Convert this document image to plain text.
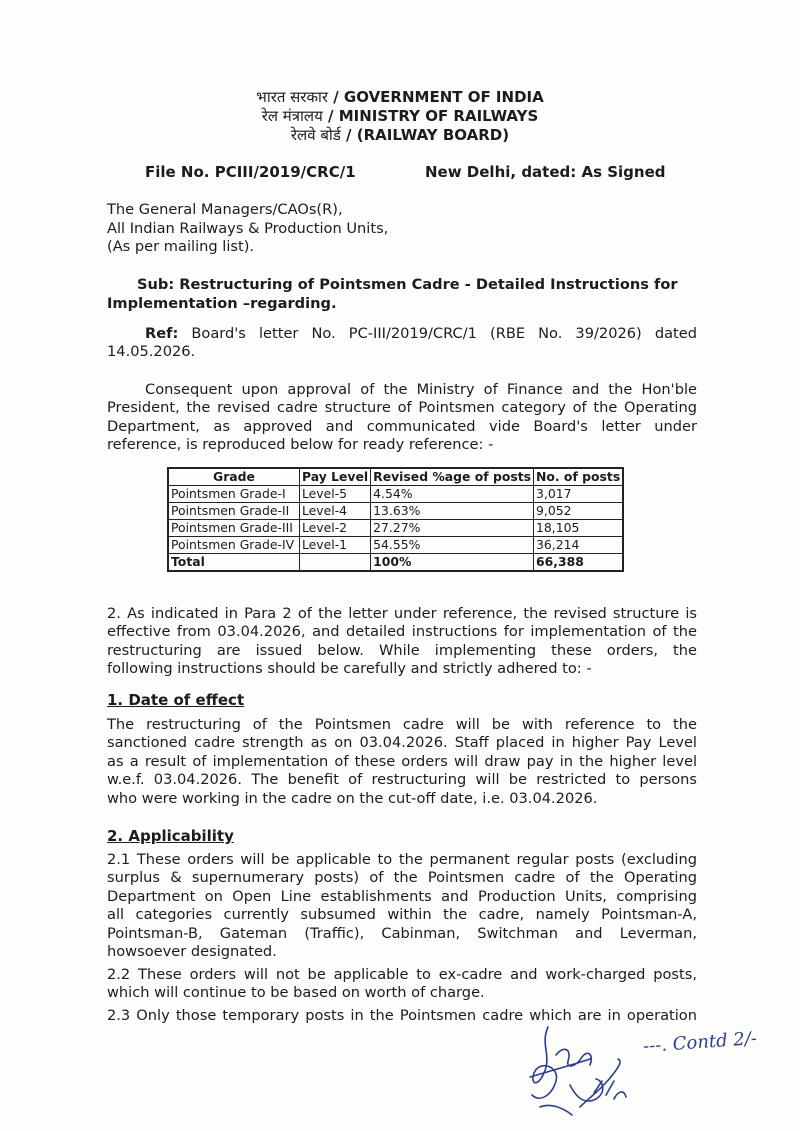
भारत सरकार / GOVERNMENT OF INDIA
रेल मंत्रालय / MINISTRY OF RAILWAYS
रेलवे बोर्ड / (RAILWAY BOARD)
File No. PCIII/2019/CRC/1	New Delhi, dated: As Signed
The General Managers/CAOs(R),
All Indian Railways & Production Units,
(As per mailing list).
Sub: Restructuring of Pointsmen Cadre - Detailed Instructions for
Implementation –regarding.
Ref: Board's letter No. PC-III/2019/CRC/1 (RBE No. 39/2026) dated
14.05.2026.
Consequent upon approval of the Ministry of Finance and the Hon'ble
President, the revised cadre structure of Pointsmen category of the Operating
Department, as approved and communicated vide Board's letter under
reference, is reproduced below for ready reference: -
Grade	Pay Level	Revised %age of posts	No. of posts
Pointsmen Grade-I	Level-5	4.54%	3,017
Pointsmen Grade-II	Level-4	13.63%	9,052
Pointsmen Grade-III	Level-2	27.27%	18,105
Pointsmen Grade-IV	Level-1	54.55%	36,214
Total		100%	66,388
2. As indicated in Para 2 of the letter under reference, the revised structure is
effective from 03.04.2026, and detailed instructions for implementation of the
restructuring are issued below. While implementing these orders, the
following instructions should be carefully and strictly adhered to: -
1. Date of effect
The restructuring of the Pointsmen cadre will be with reference to the
sanctioned cadre strength as on 03.04.2026. Staff placed in higher Pay Level
as a result of implementation of these orders will draw pay in the higher level
w.e.f. 03.04.2026. The benefit of restructuring will be restricted to persons
who were working in the cadre on the cut-off date, i.e. 03.04.2026.
2. Applicability
2.1 These orders will be applicable to the permanent regular posts (excluding
surplus & supernumerary posts) of the Pointsmen cadre of the Operating
Department on Open Line establishments and Production Units, comprising
all categories currently subsumed within the cadre, namely Pointsman-A,
Pointsman-B, Gateman (Traffic), Cabinman, Switchman and Leverman,
howsoever designated.
2.2 These orders will not be applicable to ex-cadre and work-charged posts,
which will continue to be based on worth of charge.
2.3 Only those temporary posts in the Pointsmen cadre which are in operation
---. Contd 2/-
